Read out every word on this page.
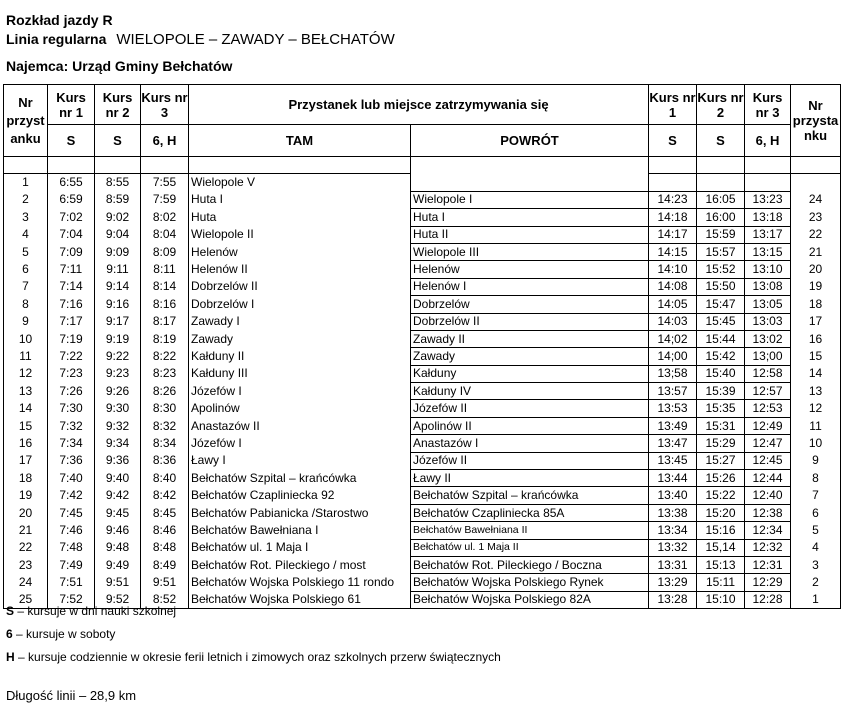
Rozkład jazdy R
Linia regularna WIELOPOLE – ZAWADY – BEŁCHATÓW
Najemca: Urząd Gminy Bełchatów
Nr przyst anku	Kurs nr 1	Kurs nr 2	Kurs nr 3	Przystanek lub miejsce zatrzymywania się		Kurs nr 1	Kurs nr 2	Kurs nr 3	Nr przysta nku
	S	S	6, H	TAM	POWRÓT	S	S	6, H	

1	6:55	8:55	7:55	Wielopole V					
2	6:59	8:59	7:59	Huta I	Wielopole I	14:23	16:05	13:23	24
3	7:02	9:02	8:02	Huta	Huta I	14:18	16:00	13:18	23
4	7:04	9:04	8:04	Wielopole II	Huta II	14:17	15:59	13:17	22
5	7:09	9:09	8:09	Helenów	Wielopole III	14:15	15:57	13:15	21
6	7:11	9:11	8:11	Helenów II	Helenów	14:10	15:52	13:10	20
7	7:14	9:14	8:14	Dobrzelów II	Helenów I	14:08	15:50	13:08	19
8	7:16	9:16	8:16	Dobrzelów I	Dobrzelów	14:05	15:47	13:05	18
9	7:17	9:17	8:17	Zawady I	Dobrzelów II	14:03	15:45	13:03	17
10	7:19	9:19	8:19	Zawady	Zawady II	14;02	15:44	13:02	16
11	7:22	9:22	8:22	Kałduny II	Zawady	14;00	15:42	13;00	15
12	7:23	9:23	8:23	Kałduny III	Kałduny	13;58	15:40	12:58	14
13	7:26	9:26	8:26	Józefów I	Kałduny IV	13:57	15:39	12:57	13
14	7:30	9:30	8:30	Apolinów	Józefów II	13:53	15:35	12:53	12
15	7:32	9:32	8:32	Anastazów II	Apolinów II	13:49	15:31	12:49	11
16	7:34	9:34	8:34	Józefów I	Anastazów I	13:47	15:29	12:47	10
17	7:36	9:36	8:36	Ławy I	Józefów II	13:45	15:27	12:45	9
18	7:40	9:40	8:40	Bełchatów Szpital – krańcówka	Ławy II	13:44	15:26	12:44	8
19	7:42	9:42	8:42	Bełchatów Czapliniecka 92	Bełchatów Szpital – krańcówka	13:40	15:22	12:40	7
20	7:45	9:45	8:45	Bełchatów Pabianicka /Starostwo	Bełchatów Czapliniecka 85A	13:38	15:20	12:38	6
21	7:46	9:46	8:46	Bełchatów Bawełniana I	Bełchatów Bawełniana II	13:34	15:16	12:34	5
22	7:48	9:48	8:48	Bełchatów ul. 1 Maja I	Bełchatów ul. 1 Maja II	13:32	15,14	12:32	4
23	7:49	9:49	8:49	Bełchatów Rot. Pileckiego / most	Bełchatów Rot. Pileckiego / Boczna	13:31	15:13	12:31	3
24	7:51	9:51	9:51	Bełchatów Wojska Polskiego 11 rondo	Bełchatów Wojska Polskiego Rynek	13:29	15:11	12:29	2
25	7:52	9:52	8:52	Bełchatów Wojska Polskiego 61	Bełchatów Wojska Polskiego 82A	13:28	15:10	12:28	1
S – kursuje w dni nauki szkolnej
6 – kursuje w soboty
H – kursuje codziennie w okresie ferii letnich i zimowych oraz szkolnych przerw świątecznych
Długość linii – 28,9 km
